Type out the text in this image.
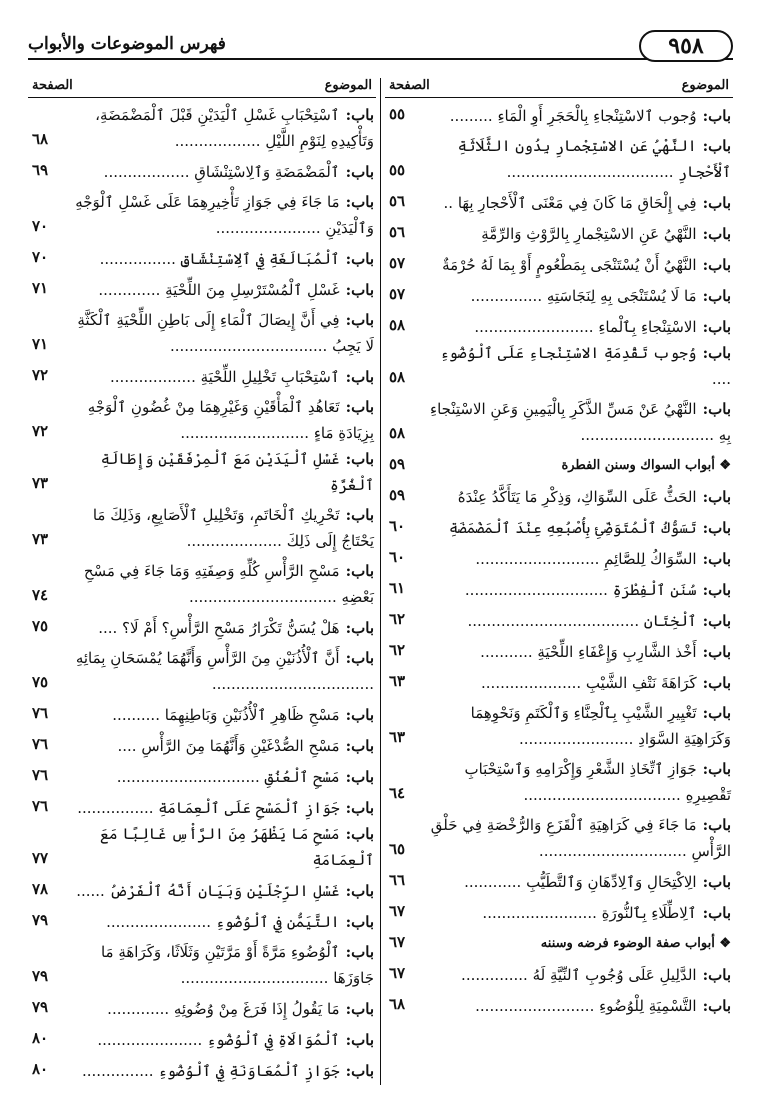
٩٥٨
فهرس الموضوعات والأبواب
الموضوع
الصفحة
باب:وُجوب ٱلاسْتِنْجاءِ بِالْحَجَرِ أَوِ الْمَاءِ .........
٥٥
باب:النَّهْيُ عَنِ الاسْتِجْمارِ بِدُونِ الثَّلَاثَةِ ٱلْأَحْجارِ ...................................
٥٥
باب:فِي إِلْحَاقِ مَا كَانَ فِي مَعْنَى ٱلْأَحْجارِ بِهَا ..
٥٦
باب:النَّهْيُ عَنِ الاسْتِجْمارِ بِالرَّوْثِ وَالرِّمَّةِ
٥٦
باب:النَّهْيُ أَنْ يُسْتَنْجَى بِمَطْعُومٍ أَوْ بِمَا لَهُ حُرْمَةٌ
٥٧
باب:مَا لَا يُسْتَنْجَى بِهِ لِنَجَاسَتِهِ ...............
٥٧
باب:الاسْتِنْجاءِ بِٱلْماءِ .........................
٥٨
باب:وُجوب تَقْدِمَةِ الاسْتِنْجاءِ عَلَى ٱلْوُضُوءِ ....
٥٨
باب:النَّهْيُ عَنْ مَسِّ الذَّكَرِ بِالْيَمِينِ وَعَنِ الاسْتِنْجاءِ بِهِ ............................
٥٨
❖ أبواب السواك وسنن الفطرة
٥٩
باب:الحَثُّ عَلَى السِّوَاكِ، وَذِكْرِ مَا يَتَأَكَّدُ عِنْدَهُ
٥٩
باب:تَسَوُّكُ ٱلْمُتَوَضِّئِ بِأُصْبُعِهِ عِنْدَ ٱلْمَضْمَضَةِ
٦٠
باب:السِّوَاكُ لِلصَّائِمِ ..........................
٦٠
باب:سُنَنِ ٱلْفِطْرَةِ ..............................
٦١
باب:ٱلْخِتَانِ ....................................
٦٢
باب:أَخْذ الشَّارِبِ وَإِعْفَاءِ اللِّحْيَةِ ...........
٦٢
باب:كَرَاهَةَ نَتْفِ الشَّيْبِ .....................
٦٣
باب:تَغْيِيرِ الشَّيْبِ بِٱلْحِنَّاءِ وَٱلْكَتَمِ وَنَحْوِهِمَا وَكَرَاهِيَةِ السَّوَادِ ........................
٦٣
باب:جَوَازِ ٱتِّخَاذِ الشَّعْرِ وَإِكْرَامِهِ وَٱسْتِحْبَابِ تَقْصِيرِهِ .................................
٦٤
باب:مَا جَاءَ فِي كَرَاهِيَةِ ٱلْقَزَعِ وَالرُّخْصَةِ فِي حَلْقِ الرَّأْسِ ...............................
٦٥
باب:الِاكْتِحَالِ وَٱلِادِّهَانِ وَٱلتَّطَيُّبِ ............
٦٦
باب:ٱلِاطِّلَاءِ بِٱلنُّورَةِ ........................
٦٧
❖ أبواب صفة الوضوء فرضه وسننه
٦٧
باب:الدَّلِيلِ عَلَى وُجُوبِ ٱلنِّيَّةِ لَهُ ..............
٦٧
باب:التَّسْمِيَةِ لِلْوُضُوءِ .........................
٦٨
الموضوع
الصفحة
باب:ٱسْتِحْبَابِ غَسْلِ ٱلْيَدَيْنِ قَبْلَ ٱلْمَضْمَضَةِ، وَتَأْكِيدِهِ لِنَوْمِ اللَّيْلِ ..................
٦٨
باب:ٱلْمَضْمَضَةِ وَٱلِاسْتِنْشَاقِ ..................
٦٩
باب:مَا جَاءَ فِي جَوَازِ تَأْخِيرِهِمَا عَلَى غَسْلِ ٱلْوَجْهِ وَٱلْيَدَيْنِ ......................
٧٠
باب:ٱلْمُبَالَغَةِ فِي ٱلِاسْتِنْشَاقِ ................
٧٠
باب:غَسْلِ ٱلْمُسْتَرْسِلِ مِنَ اللِّحْيَةِ .............
٧١
باب:فِي أَنَّ إِيصَالَ ٱلْمَاءِ إِلَى بَاطِنِ اللِّحْيَةِ ٱلْكَثَّةِ لَا يَجِبُ .................................
٧١
باب:ٱسْتِحْبَابِ تَخْلِيلِ اللِّحْيَةِ ..................
٧٢
باب:تَعَاهُدِ ٱلْمَأْقَيْنِ وَغَيْرِهِمَا مِنْ غُضُونِ ٱلْوَجْهِ بِزِيَادَةِ مَاءٍ ...........................
٧٢
باب:غَسْلِ ٱلْيَدَيْنِ مَعَ ٱلْمِرْفَقَيْنِ وَإِطَالَةِ ٱلْغُرَّةِ
٧٣
باب:تَحْرِيكِ ٱلْخَاتَمِ، وَتَخْلِيلِ ٱلْأَصَابِعِ، وَذَلِكَ مَا يَحْتَاجُ إِلَى ذَلِكَ ....................
٧٣
باب:مَسْحِ الرَّأْسِ كُلِّهِ وَصِفَتِهِ وَمَا جَاءَ فِي مَسْحِ بَعْضِهِ ...............................
٧٤
باب:هَلْ يُسَنُّ تَكْرَارُ مَسْحِ الرَّأْسِ؟ أَمْ لَا؟ ....
٧٥
باب:أَنَّ ٱلْأُذُنَيْنِ مِنَ الرَّأْسِ وَأَنَّهُمَا يُمْسَحَانِ بِمَائِهِ ..................................
٧٥
باب:مَسْحِ ظَاهِرِ ٱلْأُذُنَيْنِ وَبَاطِنِهِمَا ..........
٧٦
باب:مَسْحِ الصُّدْغَيْنِ وَأَنَّهُمَا مِنَ الرَّأْسِ ....
٧٦
باب:مَسْحِ ٱلْعُنُقِ ..............................
٧٦
باب:جَوَازِ ٱلْمَسْحِ عَلَى ٱلْعِمَامَةِ ................
٧٦
باب:مَسْحِ مَا يَظْهَرُ مِنَ الرَّأْسِ غَالِبًا مَعَ ٱلْعِمَامَةِ
٧٧
باب:غَسْلِ الرِّجْلَيْنِ وَبَيَانِ أَنَّهُ ٱلْفَرْضُ ......
٧٨
باب:التَّيَمُّنِ فِي ٱلْوُضُوءِ ......................
٧٩
باب:ٱلْوُضُوءِ مَرَّةً أَوْ مَرَّتَيْنِ وَثَلَاثًا، وَكَرَاهَةِ مَا جَاوَزَهَا ...............................
٧٩
باب:مَا يَقُولُ إِذَا فَرَغَ مِنْ وُضُوئِهِ .............
٧٩
باب:ٱلْمُوَالَاةِ فِي ٱلْوُضُوءِ ......................
٨٠
باب:جَوَازِ ٱلْمُعَاوَنَةِ فِي ٱلْوُضُوءِ ...............
٨٠
